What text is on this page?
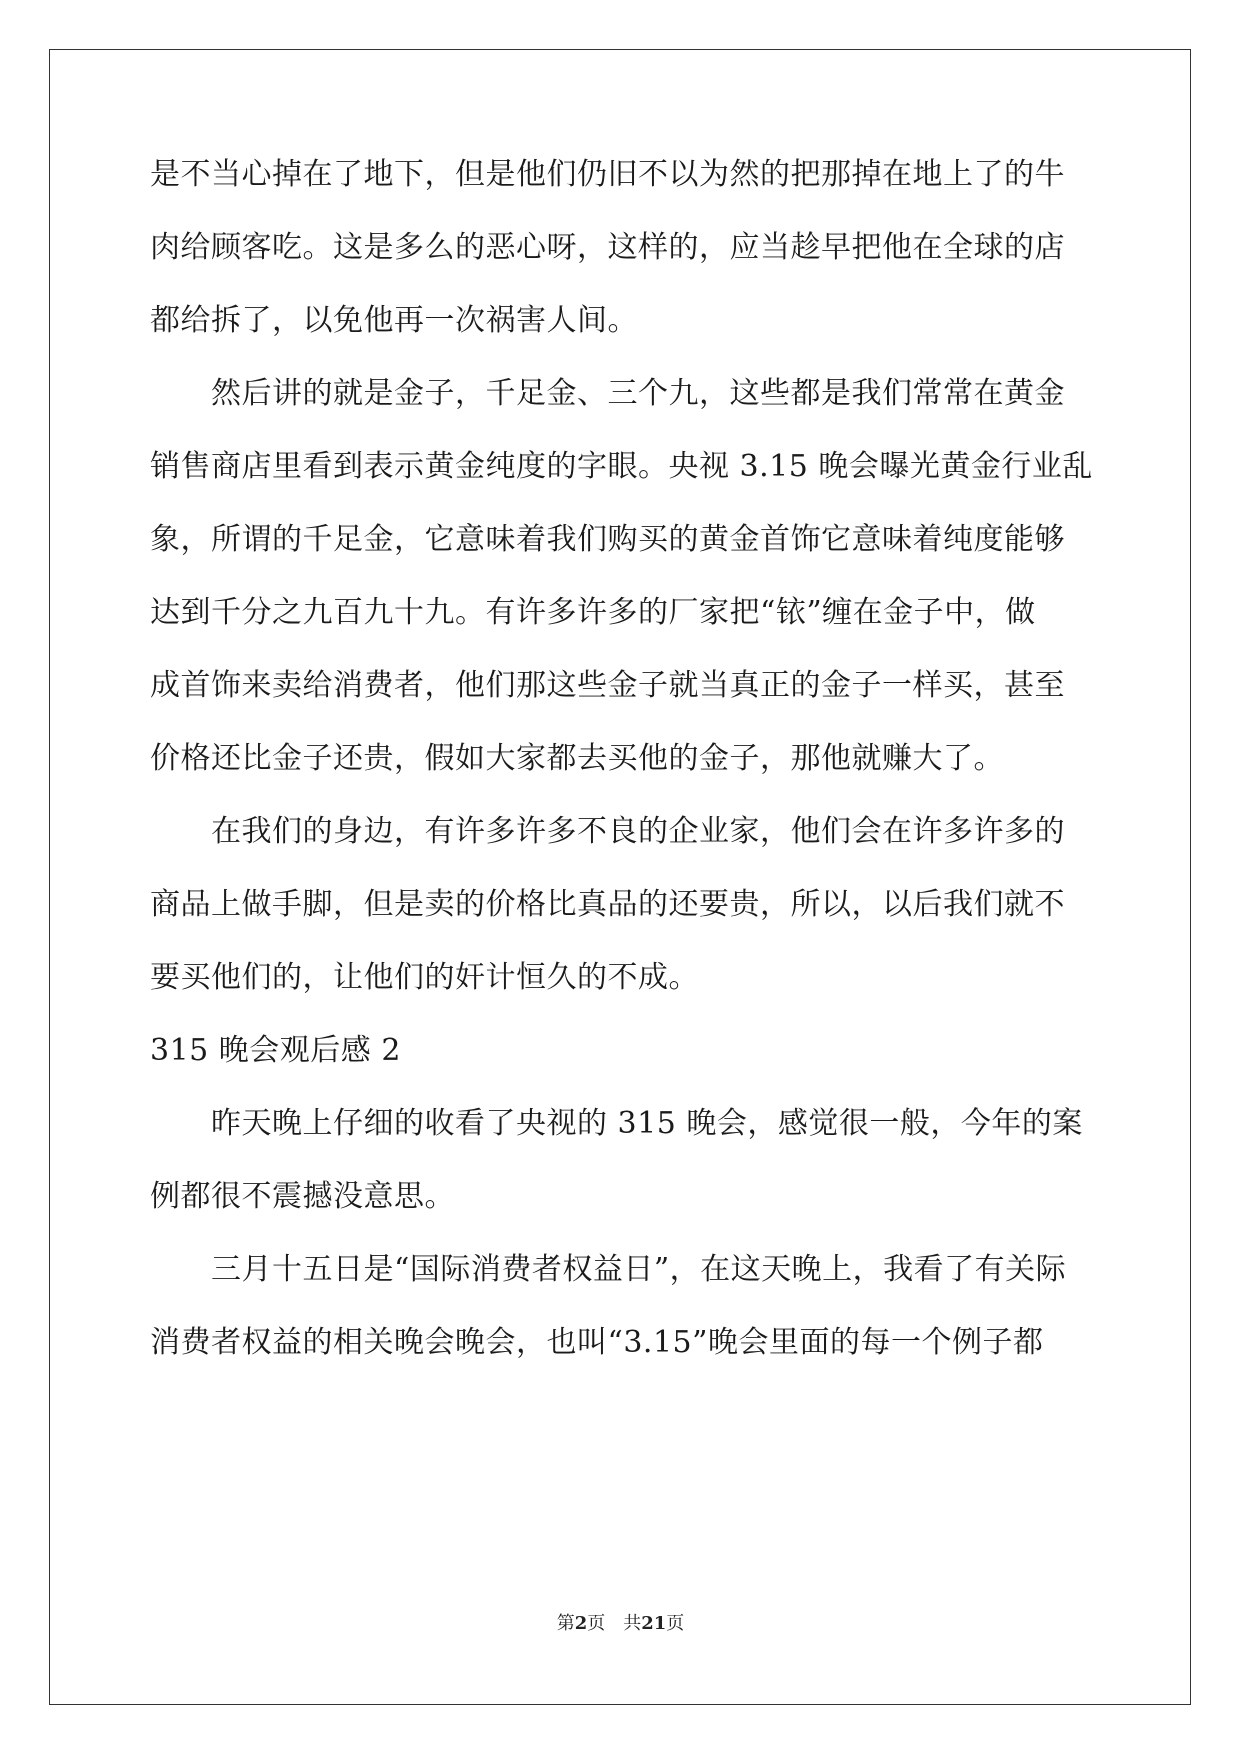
是不当心掉在了地下，但是他们仍旧不以为然的把那掉在地上了的牛
肉给顾客吃。这是多么的恶心呀，这样的，应当趁早把他在全球的店
都给拆了，以免他再一次祸害人间。
　　然后讲的就是金子，千足金、三个九，这些都是我们常常在黄金
销售商店里看到表示黄金纯度的字眼。央视 3.15 晚会曝光黄金行业乱
象，所谓的千足金，它意味着我们购买的黄金首饰它意味着纯度能够
达到千分之九百九十九。有许多许多的厂家把“铱”缠在金子中，做
成首饰来卖给消费者，他们那这些金子就当真正的金子一样买，甚至
价格还比金子还贵，假如大家都去买他的金子，那他就赚大了。
　　在我们的身边，有许多许多不良的企业家，他们会在许多许多的
商品上做手脚，但是卖的价格比真品的还要贵，所以，以后我们就不
要买他们的，让他们的奸计恒久的不成。
315 晚会观后感 2
　　昨天晚上仔细的收看了央视的 315 晚会，感觉很一般，今年的案
例都很不震撼没意思。
　　三月十五日是“国际消费者权益日”，在这天晚上，我看了有关际
消费者权益的相关晚会晚会，也叫“3.15”晚会里面的每一个例子都
第2页　共21页
